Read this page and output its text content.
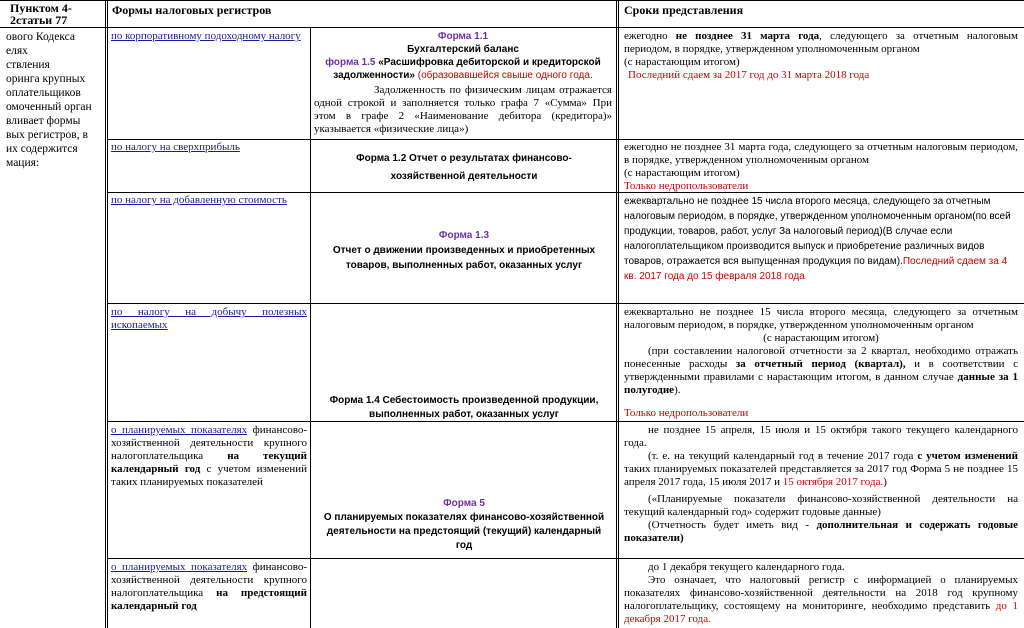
Пунктом 4-2статьи 77
Формы налоговых регистров	Сроки представления
ового Кодекса
елях
ствления
оринга крупных
оплательщиков
омоченный орган
вливает формы
вых регистров, в
их содержится
мация:
по корпоративному подоходному налогу	Форма 1.1
Бухгалтерский баланс
форма 1.5 «Расшифровка дебиторской и кредиторской задолженности» (образовавшейся свыше одного года.
Задолженность по физическим лицам отражается одной строкой и заполняется только графа 7 «Сумма» При этом в графе 2 «Наименование дебитора (кредитора)» указывается «физические лица»)
ежегодно не позднее 31 марта года, следующего за отчетным налоговым периодом, в порядке, утвержденном уполномоченным органом
(с нарастающим итогом)
Последний сдаем за 2017 год до 31 марта 2018 года
по налогу на сверхприбыль
Форма 1.2 Отчет о результатах финансово-хозяйственной деятельности
ежегодно не позднее 31 марта года, следующего за отчетным налоговым периодом, в порядке, утвержденном уполномоченным органом
(с нарастающим итогом)
Только недропользователи
по налогу на добавленную стоимость
Форма 1.3
Отчет о движении произведенных и приобретенных товаров, выполненных работ, оказанных услуг
ежеквартально не позднее 15 числа второго месяца, следующего за отчетным налоговым периодом, в порядке, утвержденном уполномоченным органом(по всей продукции, товаров, работ, услуг За налоговый период)(В случае если налогоплательщиком производится выпуск и приобретение различных видов товаров, отражается вся выпущенная продукция по видам).Последний сдаем за 4 кв. 2017 года до 15 февраля 2018 года
по налогу на добычу полезных ископаемых
Форма 1.4 Себестоимость произведенной продукции, выполненных работ, оказанных услуг
ежеквартально не позднее 15 числа второго месяца, следующего за отчетным налоговым периодом, в порядке, утвержденном уполномоченным органом
(с нарастающим итогом)
(при составлении налоговой отчетности за 2 квартал, необходимо отражать понесенные расходы за отчетный период (квартал), и в соответствии с утвержденными правилами с нарастающим итогом, в данном случае данные за 1 полугодие).
Только недропользователи
о планируемых показателях финансово-хозяйственной деятельности крупного налогоплательщика на текущий календарный год с учетом изменений таких планируемых показателей
Форма 5
О планируемых показателях финансово-хозяйственной деятельности на предстоящий (текущий) календарный год
не позднее 15 апреля, 15 июля и 15 октября такого текущего календарного года.
(т. е. на текущий календарный год в течение 2017 года с учетом изменений таких планируемых показателей представляется за 2017 год Форма 5 не позднее 15 апреля 2017 года, 15 июля 2017 и 15 октября 2017 года.)
(«Планируемые показатели финансово-хозяйственной деятельности на текущий календарный год» содержит годовые данные)
(Отчетность будет иметь вид - дополнительная и содержать годовые показатели)
о планируемых показателях финансово-хозяйственной деятельности крупного налогоплательщика на предстоящий календарный год
до 1 декабря текущего календарного года.
Это означает, что налоговый регистр с информацией о планируемых показателях финансово-хозяйственной деятельности на 2018 год крупному налогоплательщику, состоящему на мониторинге, необходимо представить до 1 декабря 2017 года.
